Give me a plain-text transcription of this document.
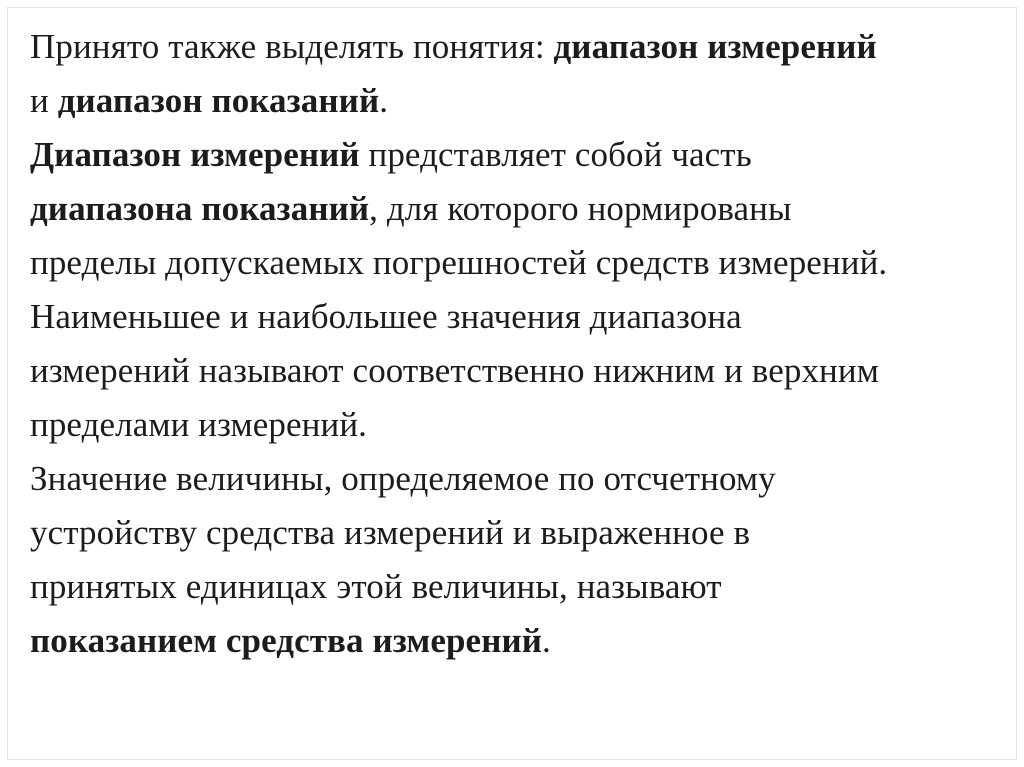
Принято также выделять понятия: диапазон измерений
и диапазон показаний.
Диапазон измерений представляет собой часть
диапазона показаний, для которого нормированы
пределы допускаемых погрешностей средств измерений.
Наименьшее и наибольшее значения диапазона
измерений называют соответственно нижним и верхним
пределами измерений.
Значение величины, определяемое по отсчетному
устройству средства измерений и выраженное в
принятых единицах этой величины, называют
показанием средства измерений.
